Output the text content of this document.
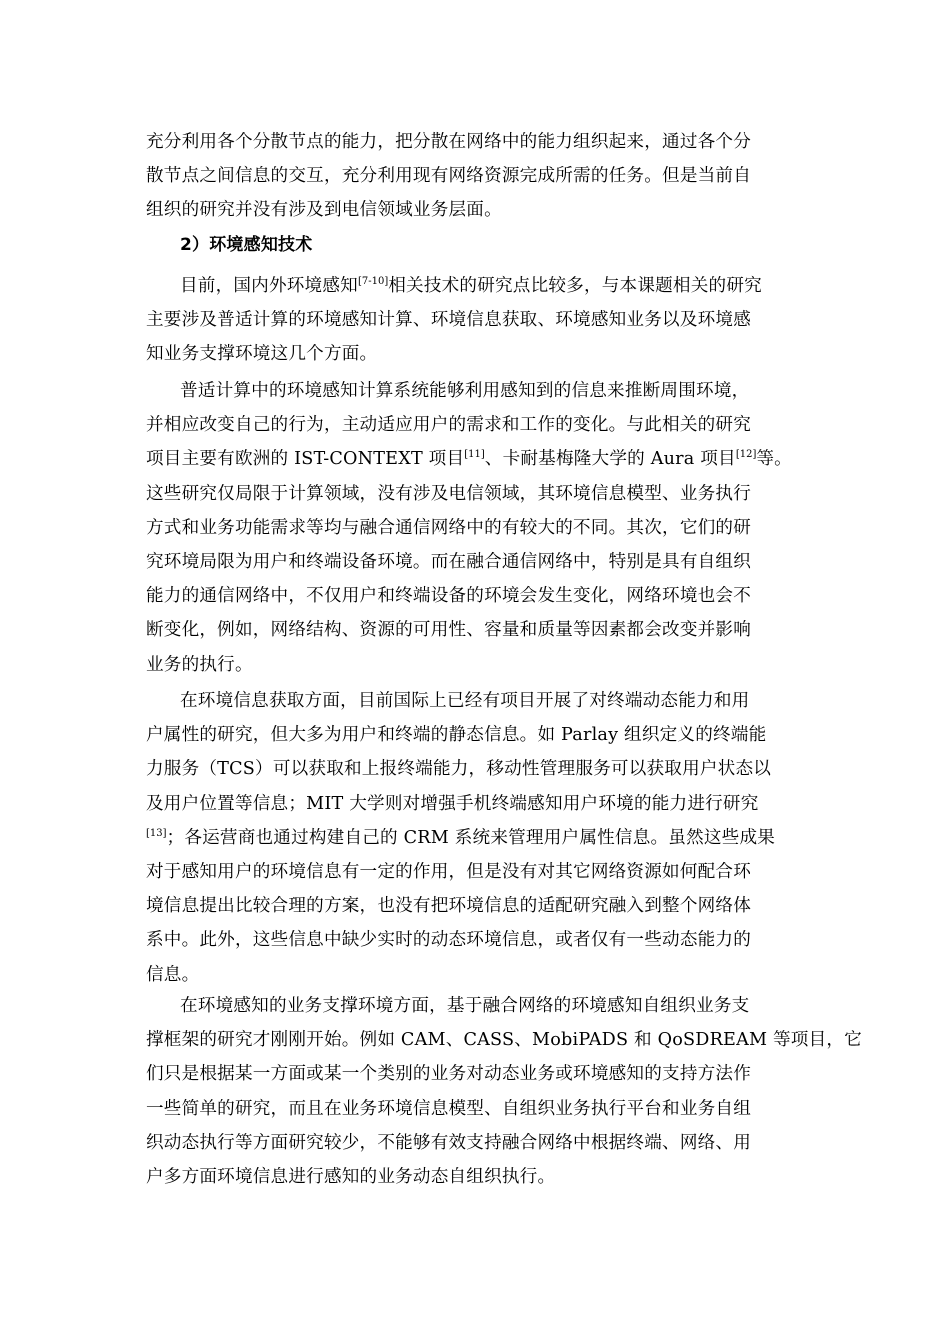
充分利用各个分散节点的能力，把分散在网络中的能力组织起来，通过各个分
散节点之间信息的交互，充分利用现有网络资源完成所需的任务。但是当前自
组织的研究并没有涉及到电信领域业务层面。
2）环境感知技术
目前，国内外环境感知[7-10]相关技术的研究点比较多，与本课题相关的研究
主要涉及普适计算的环境感知计算、环境信息获取、环境感知业务以及环境感
知业务支撑环境这几个方面。
普适计算中的环境感知计算系统能够利用感知到的信息来推断周围环境，
并相应改变自己的行为，主动适应用户的需求和工作的变化。与此相关的研究
项目主要有欧洲的 IST-CONTEXT 项目[11]、卡耐基梅隆大学的 Aura 项目[12]等。
这些研究仅局限于计算领域，没有涉及电信领域，其环境信息模型、业务执行
方式和业务功能需求等均与融合通信网络中的有较大的不同。其次，它们的研
究环境局限为用户和终端设备环境。而在融合通信网络中，特别是具有自组织
能力的通信网络中，不仅用户和终端设备的环境会发生变化，网络环境也会不
断变化，例如，网络结构、资源的可用性、容量和质量等因素都会改变并影响
业务的执行。
在环境信息获取方面，目前国际上已经有项目开展了对终端动态能力和用
户属性的研究，但大多为用户和终端的静态信息。如 Parlay 组织定义的终端能
力服务（TCS）可以获取和上报终端能力，移动性管理服务可以获取用户状态以
及用户位置等信息；MIT 大学则对增强手机终端感知用户环境的能力进行研究
[13]；各运营商也通过构建自己的 CRM 系统来管理用户属性信息。虽然这些成果
对于感知用户的环境信息有一定的作用，但是没有对其它网络资源如何配合环
境信息提出比较合理的方案，也没有把环境信息的适配研究融入到整个网络体
系中。此外，这些信息中缺少实时的动态环境信息，或者仅有一些动态能力的
信息。
在环境感知的业务支撑环境方面，基于融合网络的环境感知自组织业务支
撑框架的研究才刚刚开始。例如 CAM、CASS、MobiPADS 和 QoSDREAM 等项目，它
们只是根据某一方面或某一个类别的业务对动态业务或环境感知的支持方法作
一些简单的研究，而且在业务环境信息模型、自组织业务执行平台和业务自组
织动态执行等方面研究较少，不能够有效支持融合网络中根据终端、网络、用
户多方面环境信息进行感知的业务动态自组织执行。
